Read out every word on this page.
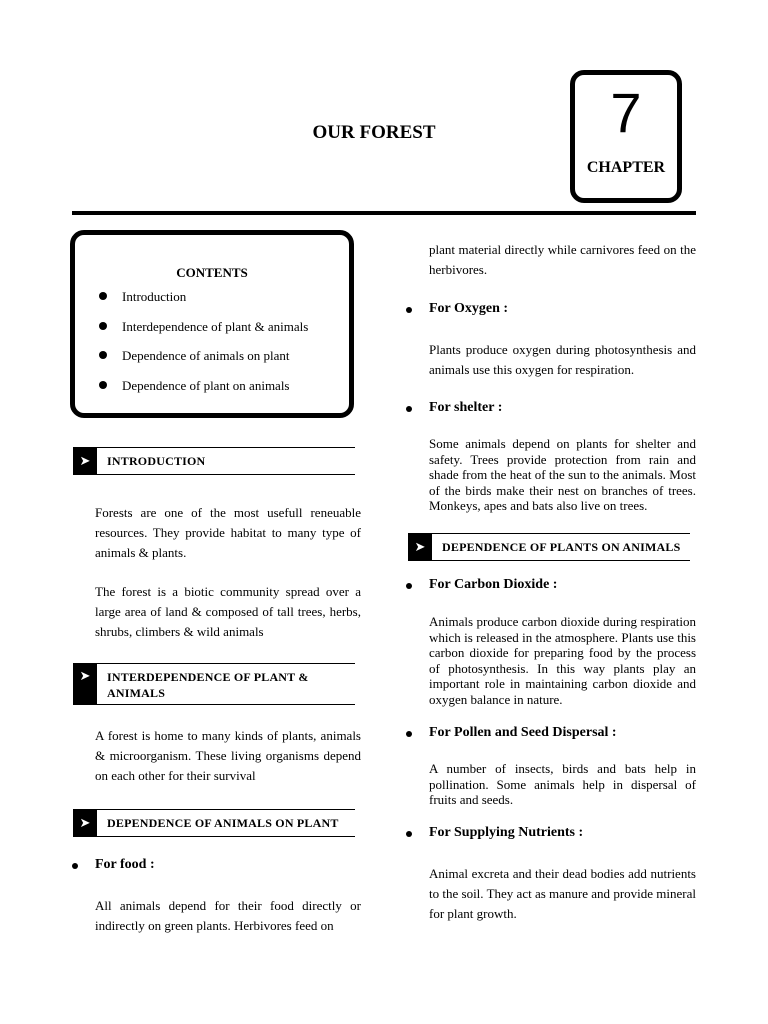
OUR FOREST	7
CHAPTER
CONTENTS
Introduction
Interdependence of plant & animals
Dependence of animals on plant
Dependence of plant on animals
➤	INTRODUCTION
Forests are one of the most usefull reneuable resources. They provide habitat to many type of animals & plants.
The forest is a biotic community spread over a large area of land & composed of tall trees, herbs, shrubs, climbers & wild animals
➤	INTERDEPENDENCE OF PLANT &
ANIMALS
A forest is home to many kinds of plants, animals & microorganism. These living organisms depend on each other for their survival
➤	DEPENDENCE OF ANIMALS ON PLANT
For food :
All animals depend for their food directly or indirectly on green plants. Herbivores feed on
plant material directly while carnivores feed on the herbivores.
For Oxygen :
Plants produce oxygen during photosynthesis and animals use this oxygen for respiration.
For shelter :
Some animals depend on plants for shelter and safety. Trees provide protection from rain and shade from the heat of the sun to the animals. Most of the birds make their nest on branches of trees. Monkeys, apes and bats also live on trees.
➤	DEPENDENCE OF PLANTS ON ANIMALS
For Carbon Dioxide :
Animals produce carbon dioxide during respiration which is released in the atmosphere. Plants use this carbon dioxide for preparing food by the process of photosynthesis. In this way plants play an important role in maintaining carbon dioxide and oxygen balance in nature.
For Pollen and Seed Dispersal :
A number of insects, birds and bats help in pollination. Some animals help in dispersal of fruits and seeds.
For Supplying Nutrients :
Animal excreta and their dead bodies add nutrients to the soil. They act as manure and provide mineral for plant growth.
